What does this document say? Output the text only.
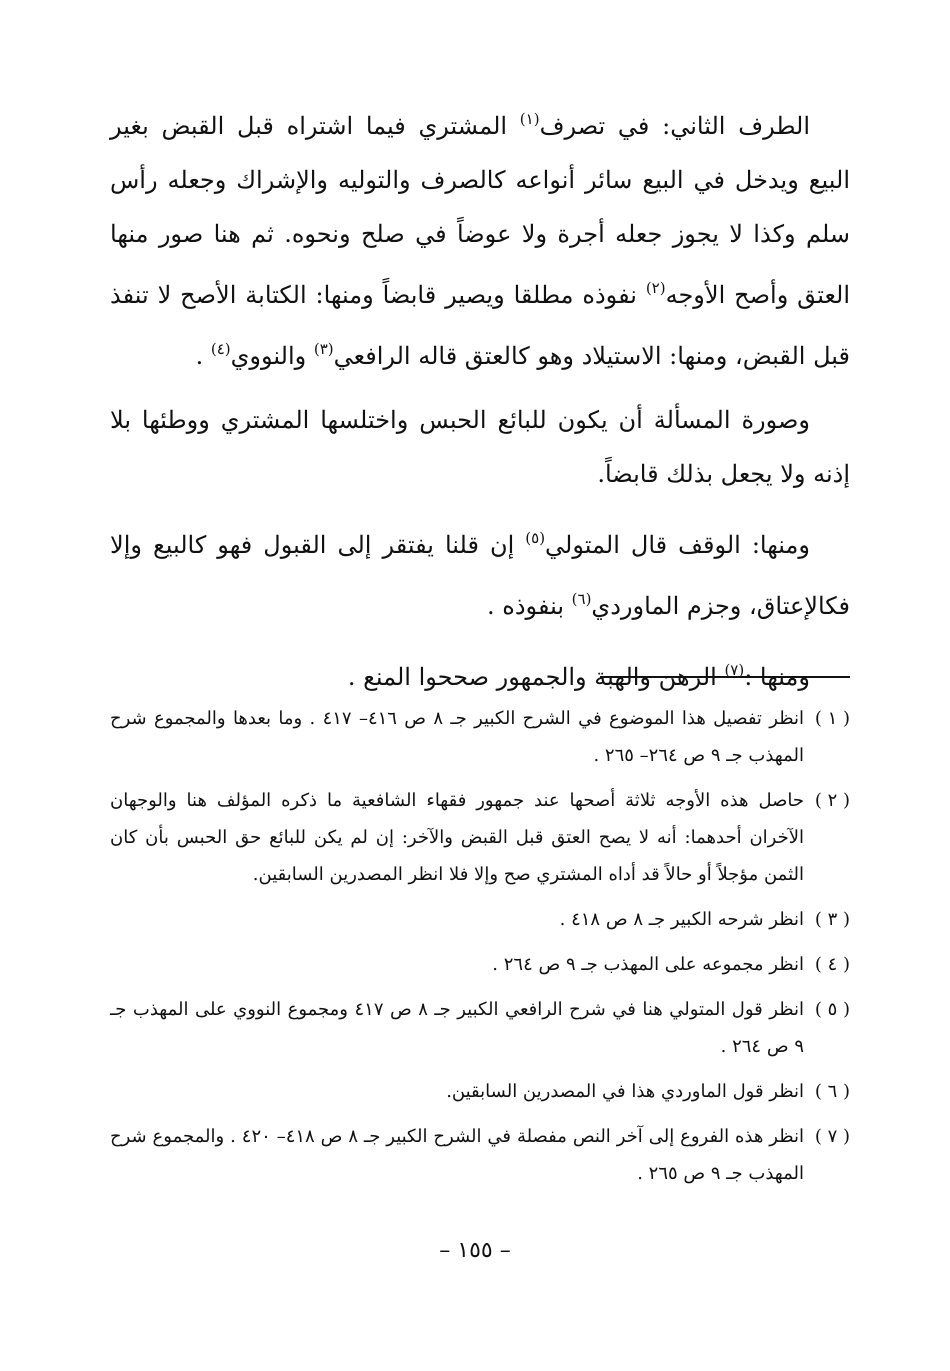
الطرف الثاني: في تصرف$^{(١)}$ المشتري فيما اشتراه قبل القبض بغير البيع ويدخل في البيع سائر أنواعه كالصرف والتوليه والإشراك وجعله رأس سلم وكذا لا يجوز جعله أجرة ولا عوضاً في صلح ونحوه. ثم هنا صور منها العتق وأصح الأوجه$^{(٢)}$ نفوذه مطلقا ويصير قابضاً ومنها: الكتابة الأصح لا تنفذ قبل القبض، ومنها: الاستيلاد وهو كالعتق قاله الرافعي$^{(٣)}$ والنووي$^{(٤)}$ .

وصورة المسألة أن يكون للبائع الحبس واختلسها المشتري ووطئها بلا إذنه ولا يجعل بذلك قابضاً.

ومنها: الوقف قال المتولي$^{(٥)}$ إن قلنا يفتقر إلى القبول فهو كالبيع وإلا فكالإعتاق، وجزم الماوردي$^{(٦)}$ بنفوذه .

ومنها :$^{(٧)}$ الرهن والهبة والجمهور صححوا المنع .

( ١ )
انظر تفصيل هذا الموضوع في الشرح الكبير جـ ٨ ص ٤١٦– ٤١٧ . وما بعدها والمجموع شرح المهذب جـ ٩ ص ٢٦٤– ٢٦٥ .

( ٢ )
حاصل هذه الأوجه ثلاثة أصحها عند جمهور فقهاء الشافعية ما ذكره المؤلف هنا والوجهان الآخران أحدهما: أنه لا يصح العتق قبل القبض والآخر: إن لم يكن للبائع حق الحبس بأن كان الثمن مؤجلاً أو حالاً قد أداه المشتري صح وإلا فلا انظر المصدرين السابقين.

( ٣ )
انظر شرحه الكبير جـ ٨ ص ٤١٨ .

( ٤ )
انظر مجموعه على المهذب جـ ٩ ص ٢٦٤ .

( ٥ )
انظر قول المتولي هنا في شرح الرافعي الكبير جـ ٨ ص ٤١٧ ومجموع النووي على المهذب جـ ٩ ص ٢٦٤ .

( ٦ )
انظر قول الماوردي هذا في المصدرين السابقين.

( ٧ )
انظر هذه الفروع إلى آخر النص مفصلة في الشرح الكبير جـ ٨ ص ٤١٨– ٤٢٠ . والمجموع شرح المهذب جـ ٩ ص ٢٦٥ .

– ١٥٥ –
